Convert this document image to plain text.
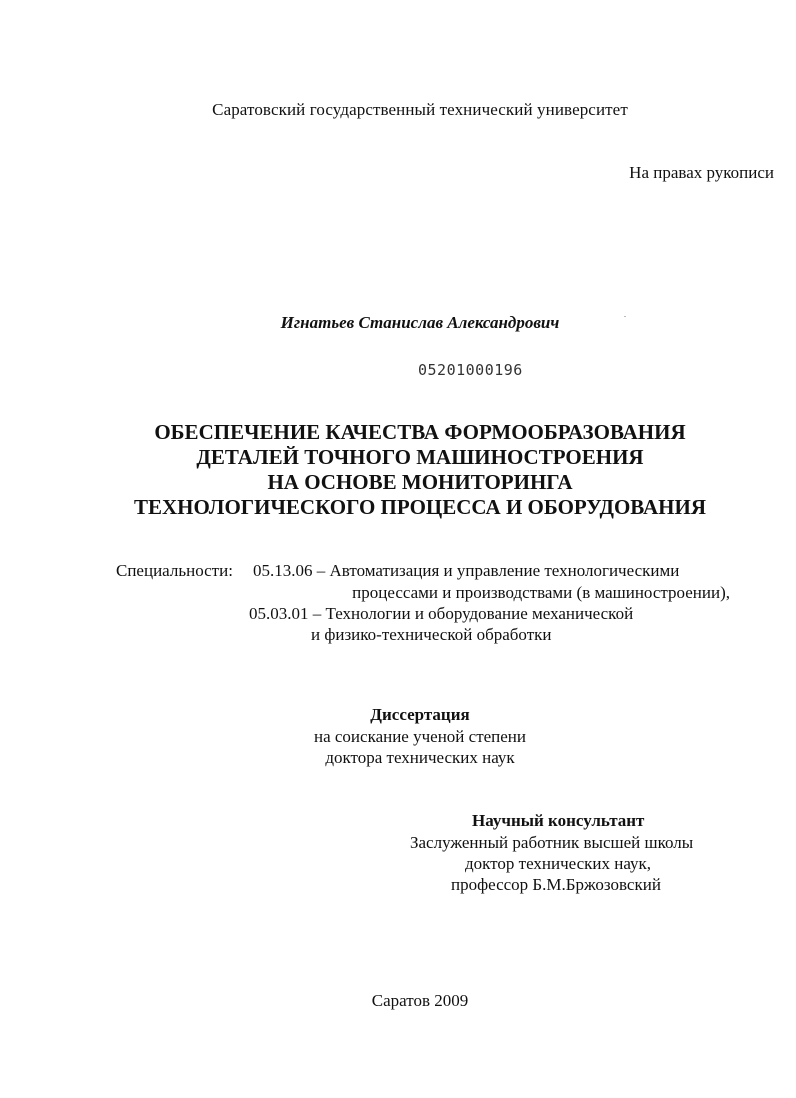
Саратовский государственный технический университет
На правах рукописи
Игнатьев Станислав Александрович
05201000196
ОБЕСПЕЧЕНИЕ КАЧЕСТВА ФОРМООБРАЗОВАНИЯ
ДЕТАЛЕЙ ТОЧНОГО МАШИНОСТРОЕНИЯ
НА ОСНОВЕ МОНИТОРИНГА
ТЕХНОЛОГИЧЕСКОГО ПРОЦЕССА И ОБОРУДОВАНИЯ
Специальности: 05.13.06 – Автоматизация и управление технологическими
процессами и производствами (в машиностроении),
05.03.01 – Технологии и оборудование механической
и физико-технической обработки
Диссертация
на соискание ученой степени
доктора технических наук
Научный консультант
Заслуженный работник высшей школы
доктор технических наук,
профессор Б.М.Бржозовский
Саратов 2009
